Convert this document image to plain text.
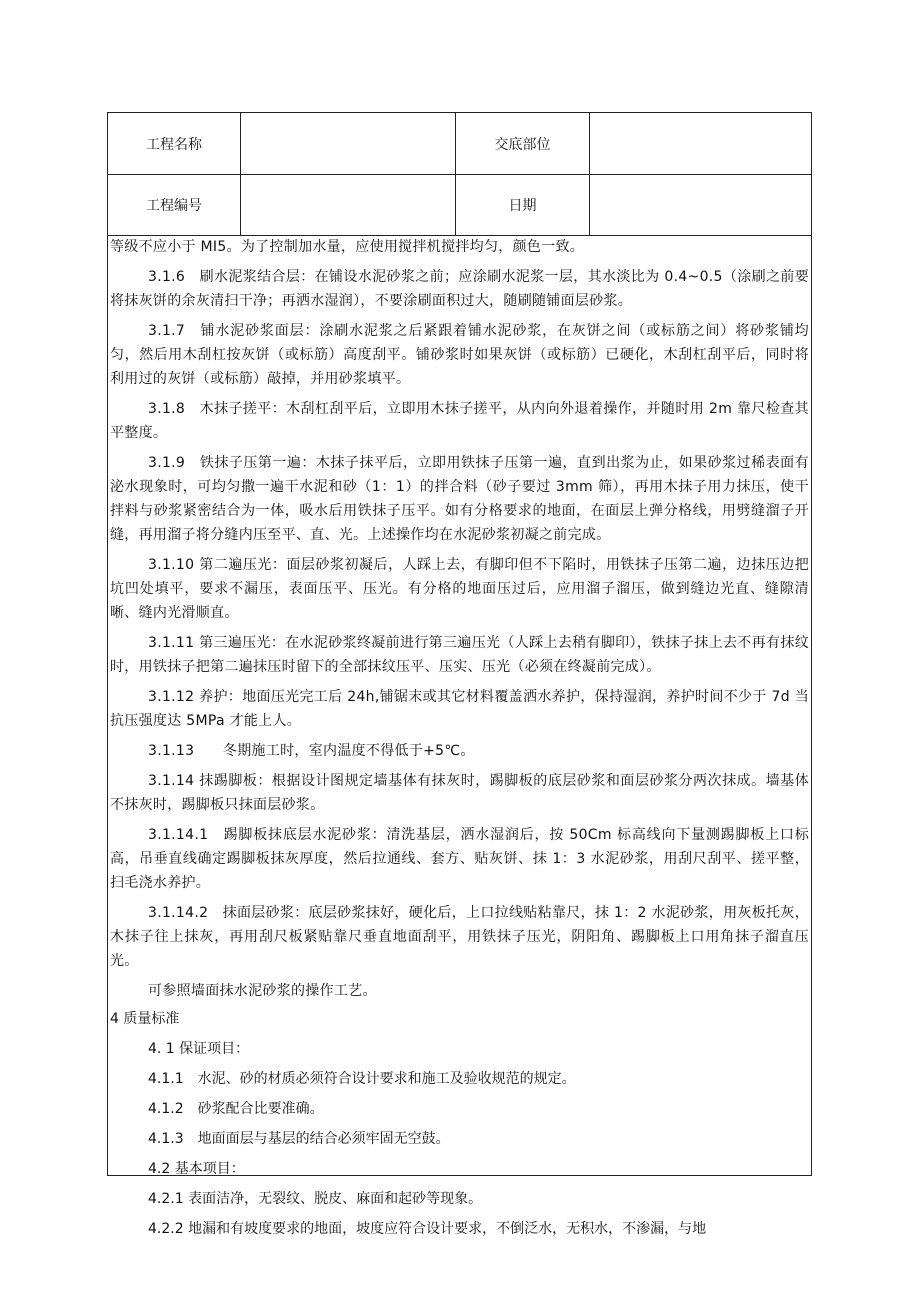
工程名称	交底部位
工程编号	日期

等级不应小于 MI5。为了控制加水量，应使用搅拌机搅拌均匀，颜色一致。

3.1.6　刷水泥浆结合层：在铺设水泥砂浆之前；应涂刷水泥浆一层，其水淡比为 0.4~0.5（涂刷之前要将抹灰饼的余灰清扫干净；再洒水湿润），不要涂刷面积过大，随刷随铺面层砂浆。

3.1.7　铺水泥砂浆面层：涂刷水泥浆之后紧跟着铺水泥砂浆，在灰饼之间（或标筋之间）将砂浆铺均匀，然后用木刮杠按灰饼（或标筋）高度刮平。铺砂浆时如果灰饼（或标筋）已硬化，木刮杠刮平后，同时将利用过的灰饼（或标筋）敲掉，并用砂浆填平。

3.1.8　木抹子搓平：木刮杠刮平后，立即用木抹子搓平，从内向外退着操作，并随时用 2m 靠尺检查其平整度。

3.1.9　铁抹子压第一遍：木抹子抹平后，立即用铁抹子压第一遍，直到出浆为止，如果砂浆过稀表面有泌水现象时，可均匀撒一遍干水泥和砂（1：1）的拌合料（砂子要过 3mm 筛），再用木抹子用力抹压，使干拌料与砂浆紧密结合为一体，吸水后用铁抹子压平。如有分格要求的地面，在面层上弹分格线，用劈缝溜子开缝，再用溜子将分缝内压至平、直、光。上述操作均在水泥砂浆初凝之前完成。

3.1.10 第二遍压光：面层砂浆初凝后，人踩上去，有脚印但不下陷时，用铁抹子压第二遍，边抹压边把坑凹处填平，要求不漏压，表面压平、压光。有分格的地面压过后，应用溜子溜压，做到缝边光直、缝隙清晰、缝内光滑顺直。

3.1.11 第三遍压光：在水泥砂浆终凝前进行第三遍压光（人踩上去稍有脚印），铁抹子抹上去不再有抹纹时，用铁抹子把第二遍抹压时留下的全部抹纹压平、压实、压光（必须在终凝前完成）。

3.1.12 养护：地面压光完工后 24h,铺锯末或其它材料覆盖洒水养护，保持湿润，养护时间不少于 7d 当抗压强度达 5MPa 才能上人。

3.1.13　　冬期施工时，室内温度不得低于+5℃。

3.1.14 抹踢脚板：根据设计图规定墙基体有抹灰时，踢脚板的底层砂浆和面层砂浆分两次抹成。墙基体不抹灰时，踢脚板只抹面层砂浆。

3.1.14.1　踢脚板抹底层水泥砂浆：清洗基层，洒水湿润后，按 50Cm 标高线向下量测踢脚板上口标高，吊垂直线确定踢脚板抹灰厚度，然后拉通线、套方、贴灰饼、抹 1：3 水泥砂浆，用刮尺刮平、搓平整，扫毛浇水养护。

3.1.14.2　抹面层砂浆：底层砂浆抹好，硬化后，上口拉线贴粘靠尺，抹 1：2 水泥砂浆，用灰板托灰，木抹子往上抹灰，再用刮尺板紧贴靠尺垂直地面刮平，用铁抹子压光，阴阳角、踢脚板上口用角抹子溜直压光。

可参照墙面抹水泥砂浆的操作工艺。

4 质量标准

4. 1 保证项目：

4.1.1　水泥、砂的材质必须符合设计要求和施工及验收规范的规定。

4.1.2　砂浆配合比要准确。

4.1.3　地面面层与基层的结合必须牢固无空鼓。

4.2 基本项目：

4.2.1 表面洁净，无裂纹、脱皮、麻面和起砂等现象。

4.2.2 地漏和有坡度要求的地面，坡度应符合设计要求，不倒泛水，无积水，不渗漏，与地
